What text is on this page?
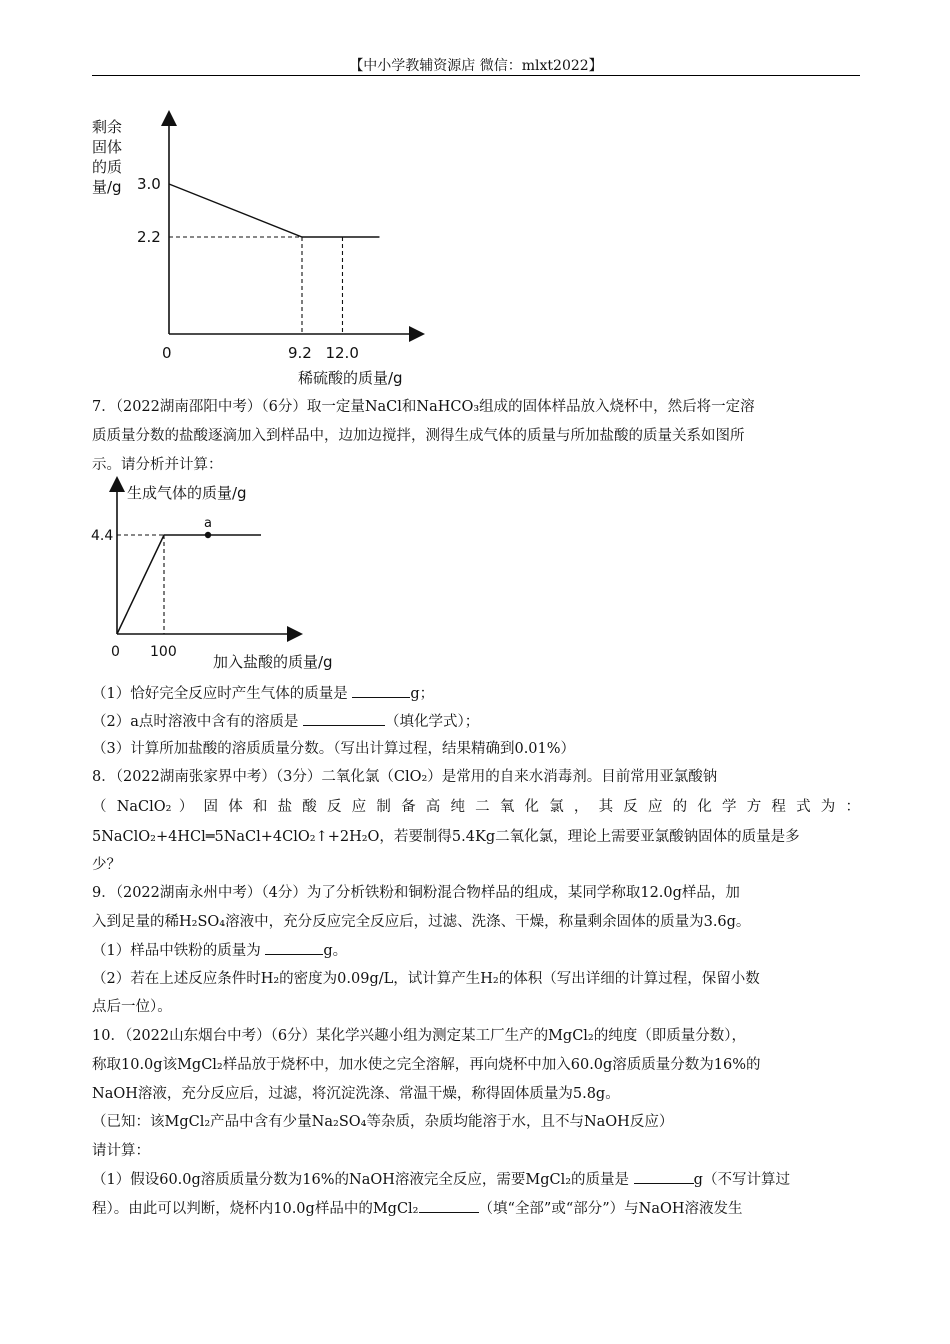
【中小学教辅资源店 微信：mlxt2022】
剩余
固体
的质
量/g 3.0
2.2
0	9.2 12.0
稀硫酸的质量/g
生成气体的质量/g
a
4.4
0 100
加入盐酸的质量/g

7．（2022湖南邵阳中考）（6分）取一定量NaCl和NaHCO₃组成的固体样品放入烧杯中，然后将一定溶

质质量分数的盐酸逐滴加入到样品中，边加边搅拌，测得生成气体的质量与所加盐酸的质量关系如图所

示。请分析并计算：

（1）恰好完全反应时产生气体的质量是	g；

（2）a点时溶液中含有的溶质是	（填化学式）；

（3）计算所加盐酸的溶质质量分数。（写出计算过程，结果精确到0.01%）

8．（2022湖南张家界中考）（3分）二氧化氯（ClO₂）是常用的自来水消毒剂。目前常用亚氯酸钠

（ NaClO₂ ） 固 体 和 盐 酸 反 应 制 备 高 纯 二 氧 化 氯 ， 其 反 应 的 化 学 方 程 式 为 ：

5NaClO₂+4HCl═5NaCl+4ClO₂↑+2H₂O，若要制得5.4Kg二氧化氯，理论上需要亚氯酸钠固体的质量是多

少？

9．（2022湖南永州中考）（4分）为了分析铁粉和铜粉混合物样品的组成，某同学称取12.0g样品，加

入到足量的稀H₂SO₄溶液中，充分反应完全反应后，过滤、洗涤、干燥，称量剩余固体的质量为3.6g。

（1）样品中铁粉的质量为	g。

（2）若在上述反应条件时H₂的密度为0.09g/L，试计算产生H₂的体积（写出详细的计算过程，保留小数

点后一位）。

10．（2022山东烟台中考）（6分）某化学兴趣小组为测定某工厂生产的MgCl₂的纯度（即质量分数），

称取10.0g该MgCl₂样品放于烧杯中，加水使之完全溶解，再向烧杯中加入60.0g溶质质量分数为16%的

NaOH溶液，充分反应后，过滤，将沉淀洗涤、常温干燥，称得固体质量为5.8g。

（已知：该MgCl₂产品中含有少量Na₂SO₄等杂质，杂质均能溶于水，且不与NaOH反应）

请计算：

（1）假设60.0g溶质质量分数为16%的NaOH溶液完全反应，需要MgCl₂的质量是	g（不写计算过

程）。由此可以判断，烧杯内10.0g样品中的MgCl₂	（填“全部”或“部分”）与NaOH溶液发生
